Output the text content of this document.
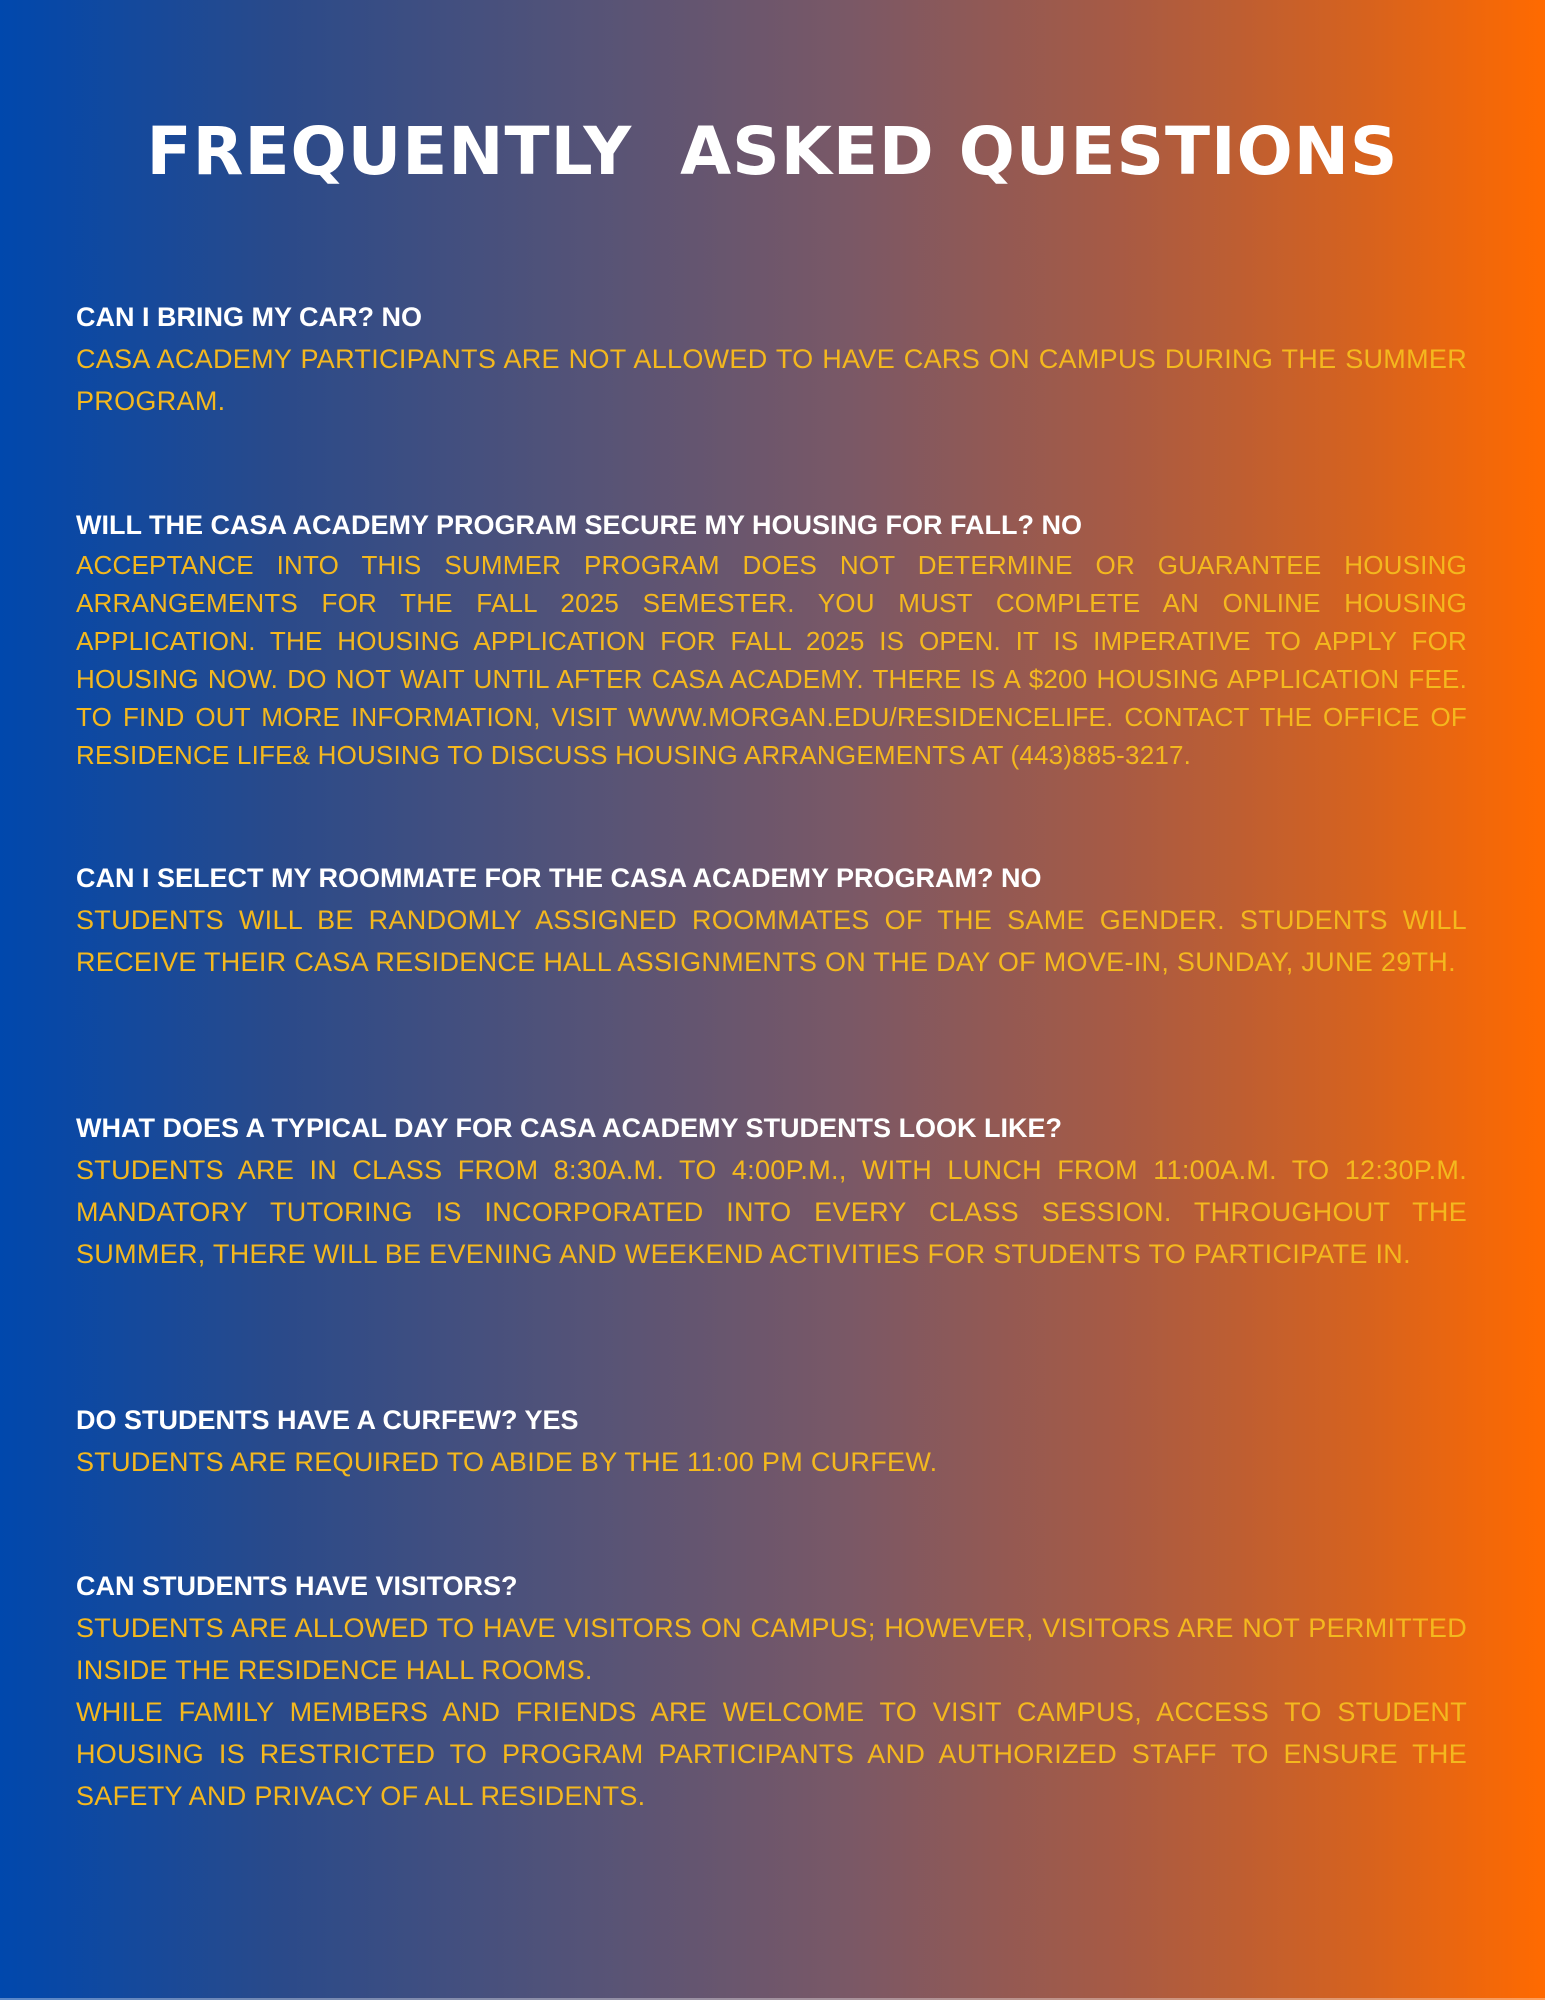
FREQUENTLY  ASKED QUESTIONS

CAN I BRING MY CAR? NO

CASA ACADEMY PARTICIPANTS ARE NOT ALLOWED TO HAVE CARS ON CAMPUS DURING THE SUMMER PROGRAM.

WILL THE CASA ACADEMY PROGRAM SECURE MY HOUSING FOR FALL? NO

ACCEPTANCE INTO THIS SUMMER PROGRAM DOES NOT DETERMINE OR GUARANTEE HOUSING ARRANGEMENTS FOR THE FALL 2025 SEMESTER. YOU MUST COMPLETE AN ONLINE HOUSING APPLICATION. THE HOUSING APPLICATION FOR FALL 2025 IS OPEN. IT IS IMPERATIVE TO APPLY FOR HOUSING NOW. DO NOT WAIT UNTIL AFTER CASA ACADEMY. THERE IS A $200 HOUSING APPLICATION FEE. TO FIND OUT MORE INFORMATION, VISIT WWW.MORGAN.EDU/RESIDENCELIFE. CONTACT THE OFFICE OF RESIDENCE LIFE& HOUSING TO DISCUSS HOUSING ARRANGEMENTS AT (443)885-3217.

CAN I SELECT MY ROOMMATE FOR THE CASA ACADEMY PROGRAM? NO

STUDENTS WILL BE RANDOMLY ASSIGNED ROOMMATES OF THE SAME GENDER. STUDENTS WILL RECEIVE THEIR CASA RESIDENCE HALL ASSIGNMENTS ON THE DAY OF MOVE-IN, SUNDAY, JUNE 29TH.

WHAT DOES A TYPICAL DAY FOR CASA ACADEMY STUDENTS LOOK LIKE?

STUDENTS ARE IN CLASS FROM 8:30A.M. TO 4:00P.M., WITH LUNCH FROM 11:00A.M. TO 12:30P.M. MANDATORY TUTORING IS INCORPORATED INTO EVERY CLASS SESSION. THROUGHOUT THE SUMMER, THERE WILL BE EVENING AND WEEKEND ACTIVITIES FOR STUDENTS TO PARTICIPATE IN.

DO STUDENTS HAVE A CURFEW? YES

STUDENTS ARE REQUIRED TO ABIDE BY THE 11:00 PM CURFEW.

CAN STUDENTS HAVE VISITORS?

STUDENTS ARE ALLOWED TO HAVE VISITORS ON CAMPUS; HOWEVER, VISITORS ARE NOT PERMITTED INSIDE THE RESIDENCE HALL ROOMS.

WHILE FAMILY MEMBERS AND FRIENDS ARE WELCOME TO VISIT CAMPUS, ACCESS TO STUDENT HOUSING IS RESTRICTED TO PROGRAM PARTICIPANTS AND AUTHORIZED STAFF TO ENSURE THE SAFETY AND PRIVACY OF ALL RESIDENTS.
